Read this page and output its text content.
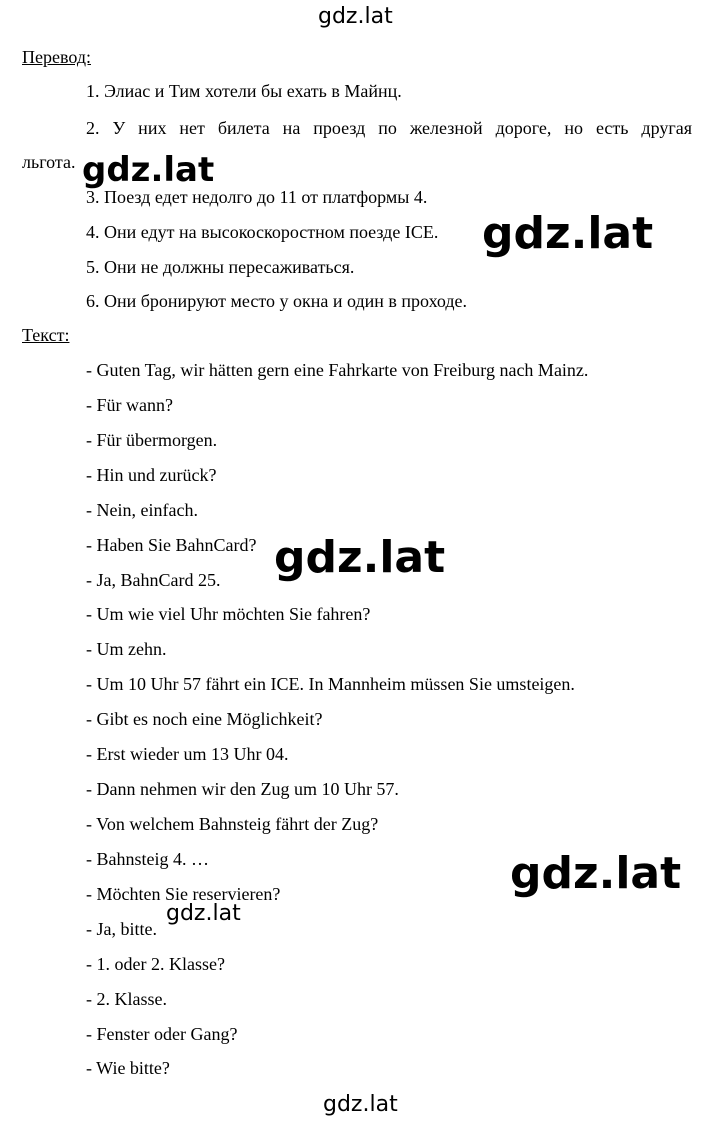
gdz.lat
Перевод:
1. Элиас и Тим хотели бы ехать в Майнц.
2. У них нет билета на проезд по железной дороге, но есть другая
льгота. gdz.lat
3. Поезд едет недолго до 11 от платформы 4.
4. Они едут на высокоскоростном поезде ICE. gdz.lat
5. Они не должны пересаживаться.
6. Они бронируют место у окна и один в проходе.
Текст:
- Guten Tag, wir hätten gern eine Fahrkarte von Freiburg nach Mainz.
- Für wann?
- Für übermorgen.
- Hin und zurück?
- Nein, einfach.
- Haben Sie BahnCard? gdz.lat
- Ja, BahnCard 25.
- Um wie viel Uhr möchten Sie fahren?
- Um zehn.
- Um 10 Uhr 57 fährt ein ICE. In Mannheim müssen Sie umsteigen.
- Gibt es noch eine Möglichkeit?
- Erst wieder um 13 Uhr 04.
- Dann nehmen wir den Zug um 10 Uhr 57.
- Von welchem Bahnsteig fährt der Zug?
- Bahnsteig 4. …	gdz.lat
- Möchten Sie reservieren?
- Ja, bitte.
gdz.lat
- 1. oder 2. Klasse?
- 2. Klasse.
- Fenster oder Gang?
- Wie bitte?
gdz.lat
